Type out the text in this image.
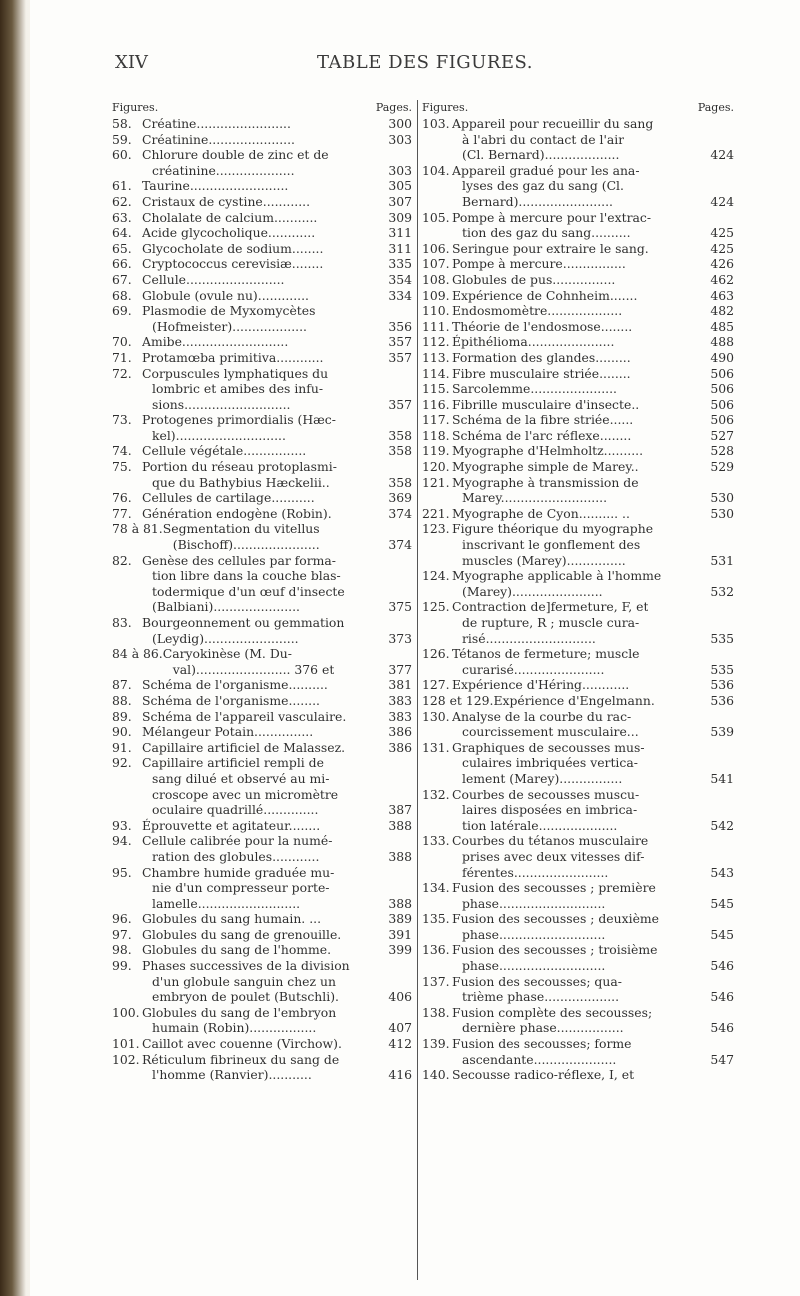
XIV	TABLE DES FIGURES.
Figures.	Pages.
58. Créatine........................	300
59. Créatinine......................	303
60. Chlorure double de zinc et de
créatinine....................	303
61. Taurine.........................	305
62. Cristaux de cystine............	307
63. Cholalate de calcium...........	309
64. Acide glycocholique............	311
65. Glycocholate de sodium........	311
66. Cryptococcus cerevisiæ........	335
67. Cellule.........................	354
68. Globule (ovule nu).............	334
69. Plasmodie de Myxomycètes
(Hofmeister)...................	356
70. Amibe...........................	357
71. Protamœba primitiva............	357
72. Corpuscules lymphatiques du
lombric et amibes des infu-
sions...........................	357
73. Protogenes primordialis (Hæc-
kel)............................	358
74. Cellule végétale................	358
75. Portion du réseau protoplasmi-
que du Bathybius Hæckelii..	358
76. Cellules de cartilage...........	369
77. Génération endogène (Robin).	374
78 à 81. Segmentation du vitellus
(Bischoff)......................	374
82. Genèse des cellules par forma-
tion libre dans la couche blas-
todermique d'un œuf d'insecte
(Balbiani)......................	375
83. Bourgeonnement ou gemmation
(Leydig)........................	373
84 à 86. Caryokinèse (M. Du-
val)........................ 376 et	377
87. Schéma de l'organisme..........	381
88. Schéma de l'organisme........	383
89. Schéma de l'appareil vasculaire.	383
90. Mélangeur Potain...............	386
91. Capillaire artificiel de Malassez.	386
92. Capillaire artificiel rempli de
sang dilué et observé au mi-
croscope avec un micromètre
oculaire quadrillé..............	387
93. Éprouvette et agitateur........	388
94. Cellule calibrée pour la numé-
ration des globules............	388
95. Chambre humide graduée mu-
nie d'un compresseur porte-
lamelle..........................	388
96. Globules du sang humain. ...	389
97. Globules du sang de grenouille.	391
98. Globules du sang de l'homme.	399
99. Phases successives de la division
d'un globule sanguin chez un
embryon de poulet (Butschli).	406
100. Globules du sang de l'embryon
humain (Robin).................	407
101. Caillot avec couenne (Virchow).	412
102. Réticulum fibrineux du sang de
l'homme (Ranvier)...........	416
Figures.	Pages.
103. Appareil pour recueillir du sang
à l'abri du contact de l'air
(Cl. Bernard)...................	424
104. Appareil gradué pour les ana-
lyses des gaz du sang (Cl.
Bernard)........................	424
105. Pompe à mercure pour l'extrac-
tion des gaz du sang..........	425
106. Seringue pour extraire le sang.	425
107. Pompe à mercure................	426
108. Globules de pus................	462
109. Expérience de Cohnheim.......	463
110. Endosmomètre...................	482
111. Théorie de l'endosmose........	485
112. Épithélioma......................	488
113. Formation des glandes.........	490
114. Fibre musculaire striée........	506
115. Sarcolemme......................	506
116. Fibrille musculaire d'insecte..	506
117. Schéma de la fibre striée......	506
118. Schéma de l'arc réflexe........	527
119. Myographe d'Helmholtz..........	528
120. Myographe simple de Marey..	529
121. Myographe à transmission de
Marey...........................	530
221. Myographe de Cyon.......... ..	530
123. Figure théorique du myographe
inscrivant le gonflement des
muscles (Marey)...............	531
124. Myographe applicable à l'homme
(Marey).......................	532
125. Contraction de]fermeture, F, et
de rupture, R ; muscle cura-
risé............................	535
126. Tétanos de fermeture; muscle
curarisé.......................	535
127. Expérience d'Héring............	536
128 et 129. Expérience d'Engelmann.	536
130. Analyse de la courbe du rac-
courcissement musculaire...	539
131. Graphiques de secousses mus-
culaires imbriquées vertica-
lement (Marey)................	541
132. Courbes de secousses muscu-
laires disposées en imbrica-
tion latérale....................	542
133. Courbes du tétanos musculaire
prises avec deux vitesses dif-
férentes........................	543
134. Fusion des secousses ; première
phase...........................	545
135. Fusion des secousses ; deuxième
phase...........................	545
136. Fusion des secousses ; troisième
phase...........................	546
137. Fusion des secousses; qua-
trième phase...................	546
138. Fusion complète des secousses;
dernière phase.................	546
139. Fusion des secousses; forme
ascendante.....................	547
140. Secousse radico-réflexe, I, et
